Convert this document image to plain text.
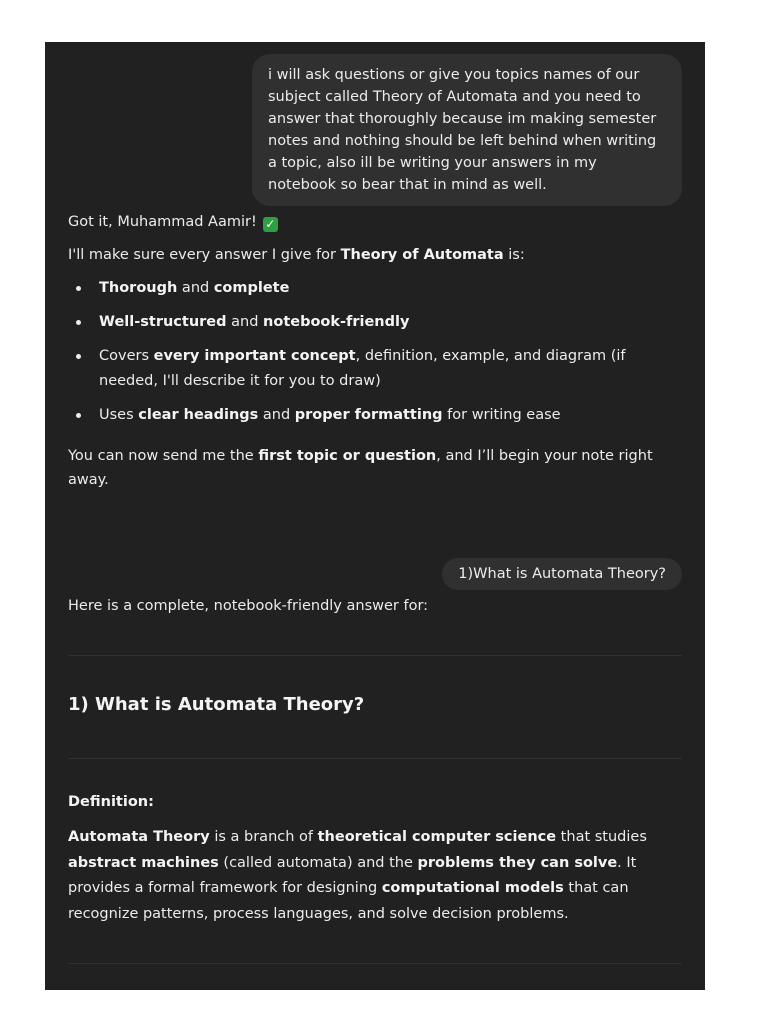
i will ask questions or give you topics names of our subject called Theory of Automata and you need to answer that thoroughly because im making semester notes and nothing should be left behind when writing a topic, also ill be writing your answers in my notebook so bear that in mind as well.

Got it, Muhammad Aamir! ✓

I'll make sure every answer I give for Theory of Automata is:

Thorough and complete
Well-structured and notebook-friendly
Covers every important concept, definition, example, and diagram (if needed, I'll describe it for you to draw)
Uses clear headings and proper formatting for writing ease

You can now send me the first topic or question, and I’ll begin your note right away.

1)What is Automata Theory?

Here is a complete, notebook-friendly answer for:

1) What is Automata Theory?
Definition:

Automata Theory is a branch of theoretical computer science that studies abstract machines (called automata) and the problems they can solve. It provides a formal framework for designing computational models that can recognize patterns, process languages, and solve decision problems.
